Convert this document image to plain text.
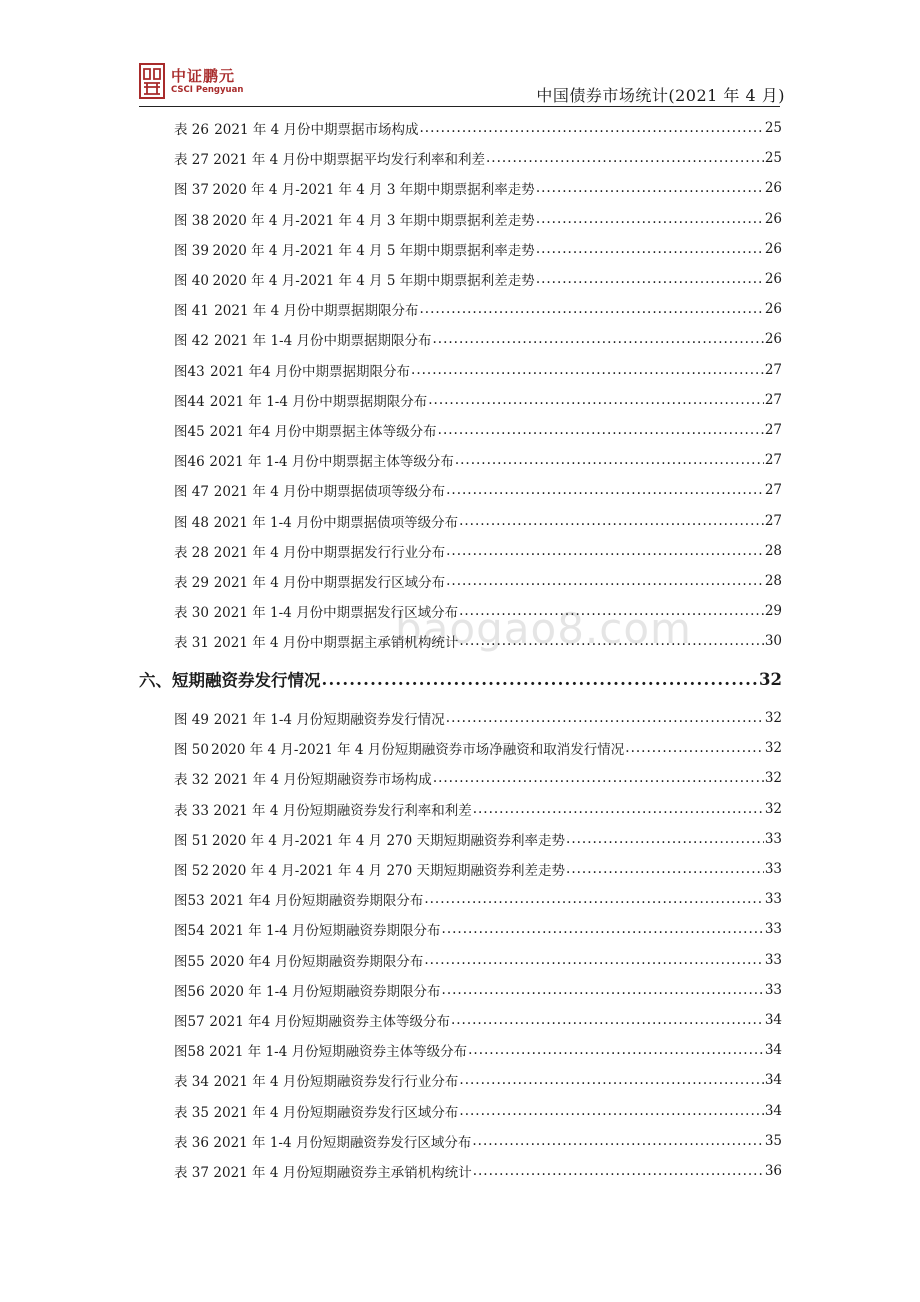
中证鹏元
CSCI Pengyuan	中国债券市场统计(2021 年 4 月)
baogao8.com
表 26 2021 年 4 月份中期票据市场构成 .....	25
表 27 2021 年 4 月份中期票据平均发行利率和利差 .....	25
图 37 2020 年 4 月-2021 年 4 月 3 年期中期票据利率走势 .....	26
图 38 2020 年 4 月-2021 年 4 月 3 年期中期票据利差走势 .....	26
图 39 2020 年 4 月-2021 年 4 月 5 年期中期票据利率走势 .....	26
图 40 2020 年 4 月-2021 年 4 月 5 年期中期票据利差走势 .....	26
图 41 2021 年 4 月份中期票据期限分布 .....	26
图 42 2021 年 1-4 月份中期票据期限分布 .....	26
图43 2021 年4 月份中期票据期限分布 .....	27
图44 2021 年 1-4 月份中期票据期限分布 .....	27
图45 2021 年4 月份中期票据主体等级分布 .....	27
图46 2021 年 1-4 月份中期票据主体等级分布 .....	27
图 47 2021 年 4 月份中期票据债项等级分布 .....	27
图 48 2021 年 1-4 月份中期票据债项等级分布 .....	27
表 28 2021 年 4 月份中期票据发行行业分布 .....	28
表 29 2021 年 4 月份中期票据发行区域分布 .....	28
表 30 2021 年 1-4 月份中期票据发行区域分布 .....	29
表 31 2021 年 4 月份中期票据主承销机构统计 .....	30
六、短期融资券发行情况 .....	32
图 49 2021 年 1-4 月份短期融资券发行情况 .....	32
图 50 2020 年 4 月-2021 年 4 月份短期融资券市场净融资和取消发行情况 .....	32
表 32 2021 年 4 月份短期融资券市场构成 .....	32
表 33 2021 年 4 月份短期融资券发行利率和利差 .....	32
图 51 2020 年 4 月-2021 年 4 月 270 天期短期融资券利率走势 .....	33
图 52 2020 年 4 月-2021 年 4 月 270 天期短期融资券利差走势 .....	33
图53 2021 年4 月份短期融资券期限分布 .....	33
图54 2021 年 1-4 月份短期融资券期限分布 .....	33
图55 2020 年4 月份短期融资券期限分布 .....	33
图56 2020 年 1-4 月份短期融资券期限分布 .....	33
图57 2021 年4 月份短期融资券主体等级分布 .....	34
图58 2021 年 1-4 月份短期融资券主体等级分布 .....	34
表 34 2021 年 4 月份短期融资券发行行业分布 .....	34
表 35 2021 年 4 月份短期融资券发行区域分布 .....	34
表 36 2021 年 1-4 月份短期融资券发行区域分布 .....	35
表 37 2021 年 4 月份短期融资券主承销机构统计 .....	36
